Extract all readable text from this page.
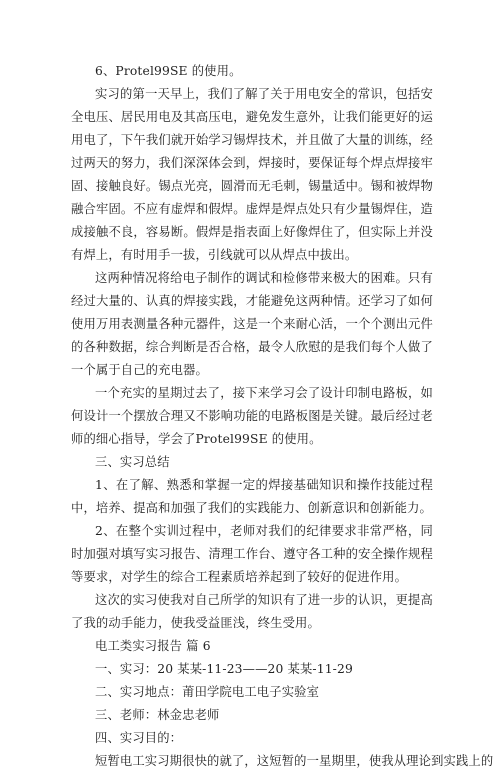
6、Protel99SE 的使用。

实习的第一天早上，我们了解了关于用电安全的常识，包括安全电压、居民用电及其高压电，避免发生意外，让我们能更好的运用电了，下午我们就开始学习锡焊技术，并且做了大量的训练，经过两天的努力，我们深深体会到，焊接时，要保证每个焊点焊接牢固、接触良好。锡点光亮，圆滑而无毛刺，锡量适中。锡和被焊物融合牢固。不应有虚焊和假焊。虚焊是焊点处只有少量锡焊住，造成接触不良，容易断。假焊是指表面上好像焊住了，但实际上并没有焊上，有时用手一拔，引线就可以从焊点中拔出。

这两种情况将给电子制作的调试和检修带来极大的困难。只有经过大量的、认真的焊接实践，才能避免这两种情。还学习了如何使用万用表测量各种元器件，这是一个来耐心活，一个个测出元件的各种数据，综合判断是否合格，最令人欣慰的是我们每个人做了一个属于自己的充电器。

一个充实的星期过去了，接下来学习会了设计印制电路板，如何设计一个摆放合理又不影响功能的电路板图是关键。最后经过老师的细心指导，学会了Protel99SE 的使用。

三、实习总结

1、在了解、熟悉和掌握一定的焊接基础知识和操作技能过程中，培养、提高和加强了我们的实践能力、创新意识和创新能力。

2、在整个实训过程中，老师对我们的纪律要求非常严格，同时加强对填写实习报告、清理工作台、遵守各工种的安全操作规程等要求，对学生的综合工程素质培养起到了较好的促进作用。

这次的实习使我对自己所学的知识有了进一步的认识，更提高了我的动手能力，使我受益匪浅，终生受用。

电工类实习报告 篇 6

一、实习：20 某某-11-23——20 某某-11-29

二、实习地点：莆田学院电工电子实验室

三、老师：林金忠老师

四、实习目的：

短暂电工实习期很快的就了，这短暂的一星期里，使我从理论到实践上的
